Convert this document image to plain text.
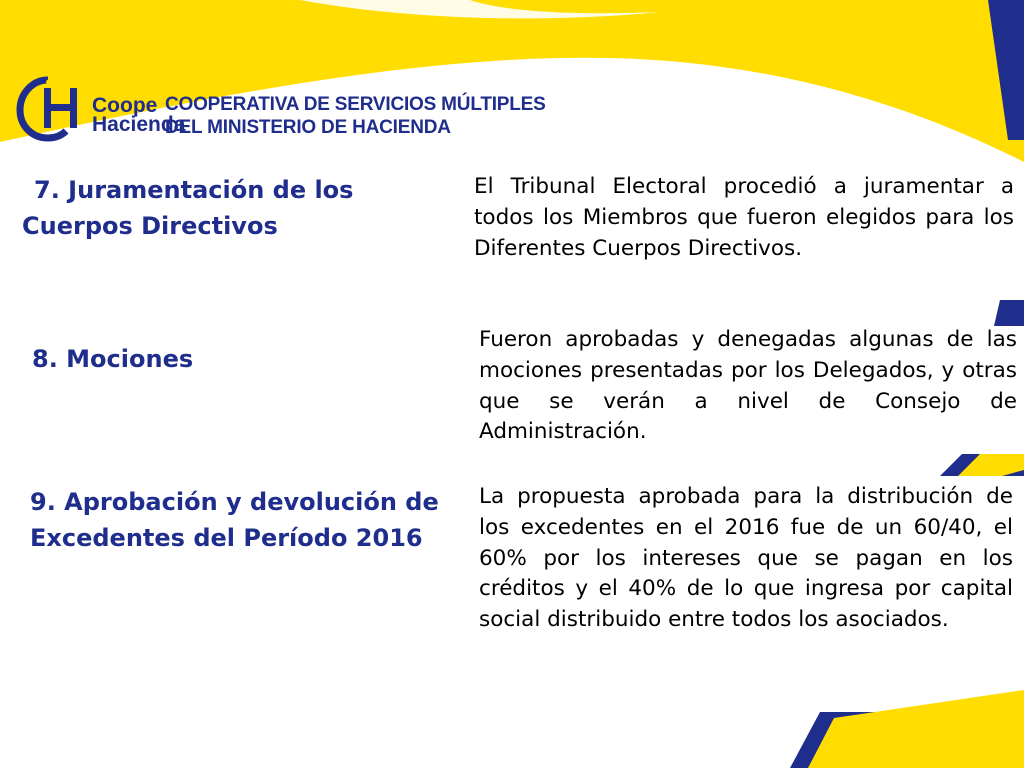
Coope
Hacienda
COOPERATIVA DE SERVICIOS MÚLTIPLES
DEL MINISTERIO DE HACIENDA
7. Juramentación de los
Cuerpos Directivos

El Tribunal Electoral procedió a juramentar a todos los Miembros que fueron elegidos para los Diferentes Cuerpos Directivos.

8. Mociones

Fueron aprobadas y denegadas algunas de las mociones presentadas por los Delegados, y otras que se verán a nivel de Consejo de Administración.

9. Aprobación y devolución de Excedentes del Período 2016

La propuesta aprobada para la distribución de los excedentes en el 2016 fue de un 60/40, el 60% por los intereses que se pagan en los créditos y el 40% de lo que ingresa por capital social distribuido entre todos los asociados.
